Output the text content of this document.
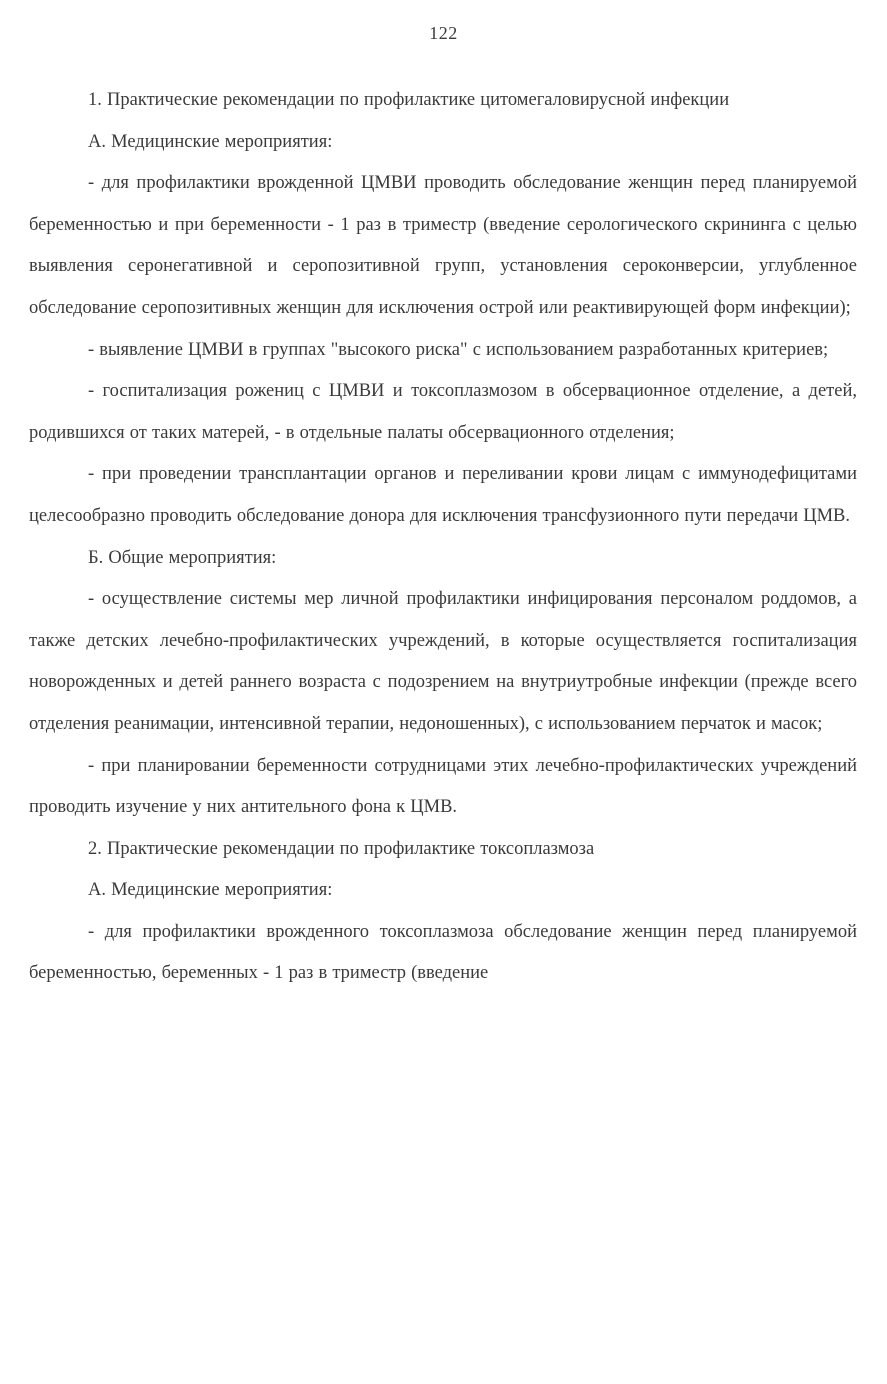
122

1. Практические рекомендации по профилактике цитомегаловирусной инфекции

А. Медицинские мероприятия:

- для профилактики врожденной ЦМВИ проводить обследование женщин перед планируемой беременностью и при беременности - 1 раз в триместр (введение серологического скрининга с целью выявления серонегативной и серопозитивной групп, установления сероконверсии, углубленное обследование серопозитивных женщин для исключения острой или реактивирующей форм инфекции);

- выявление ЦМВИ в группах "высокого риска" с использованием разработанных критериев;

- госпитализация рожениц с ЦМВИ и токсоплазмозом в обсервационное отделение, а детей, родившихся от таких матерей, - в отдельные палаты обсервационного отделения;

- при проведении трансплантации органов и переливании крови лицам с иммунодефицитами целесообразно проводить обследование донора для исключения трансфузионного пути передачи ЦМВ.

Б. Общие мероприятия:

- осуществление системы мер личной профилактики инфицирования персоналом роддомов, а также детских лечебно-профилактических учреждений, в которые осуществляется госпитализация новорожденных и детей раннего возраста с подозрением на внутриутробные инфекции (прежде всего отделения реанимации, интенсивной терапии, недоношенных), с использованием перчаток и масок;

- при планировании беременности сотрудницами этих лечебно-профилактических учреждений проводить изучение у них антительного фона к ЦМВ.

2. Практические рекомендации по профилактике токсоплазмоза

А. Медицинские мероприятия:

- для профилактики врожденного токсоплазмоза обследование женщин перед планируемой беременностью, беременных - 1 раз в триместр (введение
